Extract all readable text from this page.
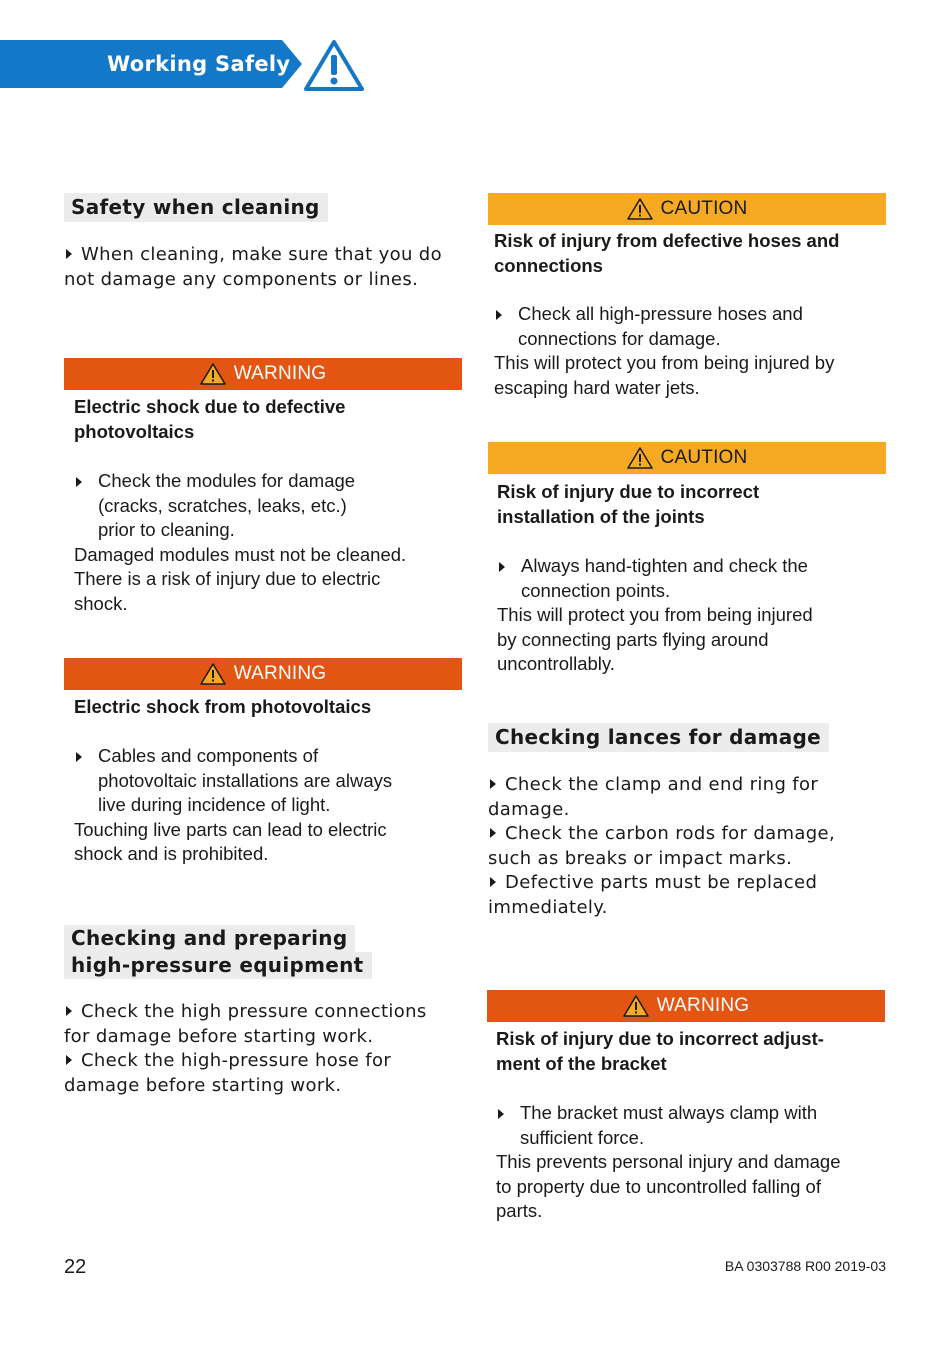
Working Safely
Safety when cleaning
When cleaning, make sure that you do
not damage any components or lines.
WARNING
Electric shock due to defective
photovoltaics
Check the modules for damage
(cracks, scratches, leaks, etc.)
prior to cleaning.
Damaged modules must not be cleaned.
There is a risk of injury due to electric
shock.
WARNING
Electric shock from photovoltaics
Cables and components of
photovoltaic installations are always
live during incidence of light.
Touching live parts can lead to electric
shock and is prohibited.
Checking and preparing
high-pressure equipment
Check the high pressure connections
for damage before starting work.
Check the high-pressure hose for
damage before starting work.
CAUTION
Risk of injury from defective hoses and
connections
Check all high-pressure hoses and
connections for damage.
This will protect you from being injured by
escaping hard water jets.
CAUTION
Risk of injury due to incorrect
installation of the joints
Always hand-tighten and check the
connection points.
This will protect you from being injured
by connecting parts flying around
uncontrollably.
Checking lances for damage
Check the clamp and end ring for
damage.
Check the carbon rods for damage,
such as breaks or impact marks.
Defective parts must be replaced
immediately.
WARNING
Risk of injury due to incorrect adjust-
ment of the bracket
The bracket must always clamp with
sufficient force.
This prevents personal injury and damage
to property due to uncontrolled falling of
parts.
22	BA 0303788 R00 2019-03
